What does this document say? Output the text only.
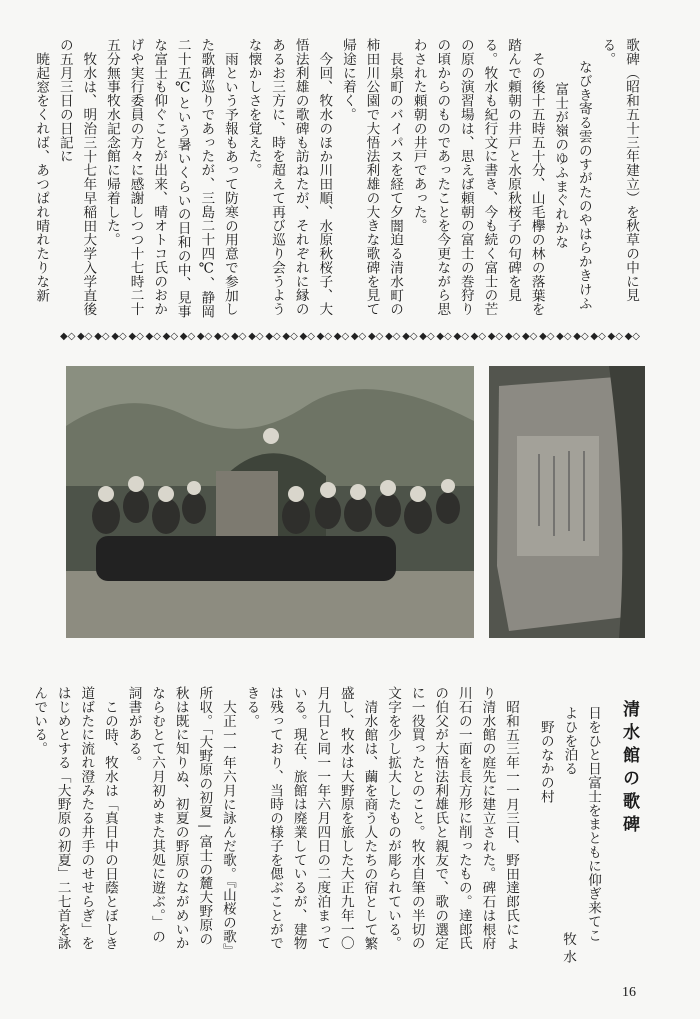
歌碑（昭和五十三年建立）を秋草の中に見る。

なびき寄る雲のすがたのやはらかきけふ

富士が嶺のゆふまぐれかな

その後十五時五十分、山毛欅の林の落葉を踏んで頼朝の井戸と水原秋桜子の句碑を見る。牧水も紀行文に書き、今も続く富士の芒の原の演習場は、思えば頼朝の富士の巻狩りの頃からのものであったことを今更ながら思わされた頼朝の井戸であった。

長泉町のバイパスを経て夕闇迫る清水町の柿田川公園で大悟法利雄の大きな歌碑を見て帰途に着く。

今回、牧水のほか川田順、水原秋桜子、大悟法利雄の歌碑も訪ねたが、それぞれに縁のあるお三方に、時を超えて再び巡り会うような懐かしさを覚えた。

雨という予報もあって防寒の用意で参加した歌碑巡りであったが、三島二十四℃、静岡二十五℃という暑いくらいの日和の中、見事な富士も仰ぐことが出来、晴オトコ氏のおかげや実行委員の方々に感謝しつつ十七時二十五分無事牧水記念館に帰着した。

牧水は、明治三十七年早稲田大学入学直後の五月三日の日記に

暁起窓をくれば、あつぱれ晴れたりな新

◆◇ ◆◇ ◆◇ ◆◇ ◆◇ ◆◇ ◆◇ ◆◇ ◆◇ ◆◇ ◆◇ ◆◇ ◆◇ ◆◇ ◆◇ ◆◇ ◆◇ ◆◇ ◆◇ ◆◇ ◆◇ ◆◇ ◆◇ ◆◇ ◆◇ ◆◇ ◆◇ ◆◇ ◆◇ ◆◇ ◆◇ ◆◇ ◆◇ ◆◇
清水館の歌碑

日をひと日富士をまともに仰ぎ来てこよひを泊る

野のなかの村

牧水

昭和五三年一一月三日、野田達郎氏により清水館の庭先に建立された。碑石は根府川石の一面を長方形に削ったもの。達郎氏の伯父が大悟法利雄氏と親友で、歌の選定に一役買ったとのこと。牧水自筆の半切の文字を少し拡大したものが彫られている。

清水館は、繭を商う人たちの宿として繁盛し、牧水は大野原を旅した大正九年一〇月九日と同一一年六月四日の二度泊まっている。現在、旅館は廃業しているが、建物は残っており、当時の様子を偲ぶことができる。

大正一一年六月に詠んだ歌。『山桜の歌』所収。「大野原の初夏—富士の麓大野原の秋は既に知りぬ、初夏の野原のながめいかならむとて六月初めまた其処に遊ぶ。」の詞書がある。

この時、牧水は「真日中の日蔭とぼしき道ばたに流れ澄みたる井手のせせらぎ」をはじめとする「大野原の初夏」二七首を詠んでいる。

16
